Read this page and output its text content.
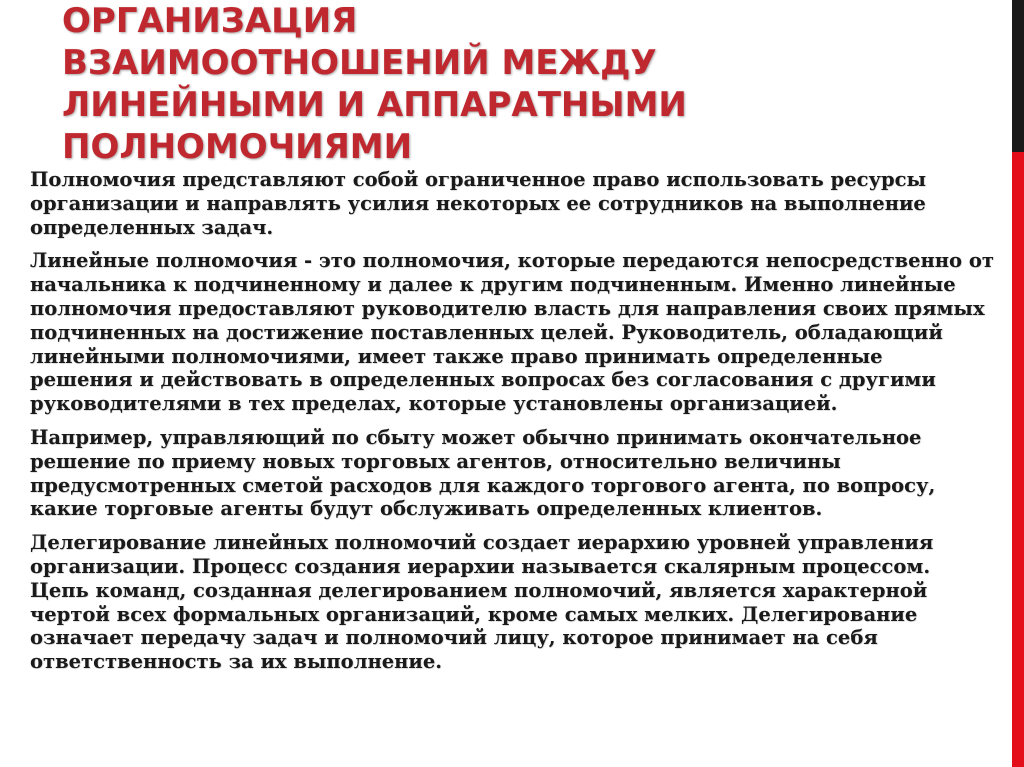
ОРГАНИЗАЦИЯ
ВЗАИМООТНОШЕНИЙ МЕЖДУ
ЛИНЕЙНЫМИ И АППАРАТНЫМИ
ПОЛНОМОЧИЯМИ

Полномочия представляют собой ограниченное право использовать ресурсы
организации и направлять усилия некоторых ее сотрудников на выполнение
определенных задач.

Линейные полномочия - это полномочия, которые передаются непосредственно от
начальника к подчиненному и далее к другим подчиненным. Именно линейные
полномочия предоставляют руководителю власть для направления своих прямых
подчиненных на достижение поставленных целей. Руководитель, обладающий
линейными полномочиями, имеет также право принимать определенные
решения и действовать в определенных вопросах без согласования с другими
руководителями в тех пределах, которые установлены организацией.

Например, управляющий по сбыту может обычно принимать окончательное
решение по приему новых торговых агентов, относительно величины
предусмотренных сметой расходов для каждого торгового агента, по вопросу,
какие торговые агенты будут обслуживать определенных клиентов.

Делегирование линейных полномочий создает иерархию уровней управления
организации. Процесс создания иерархии называется скалярным процессом.
Цепь команд, созданная делегированием полномочий, является характерной
чертой всех формальных организаций, кроме самых мелких. Делегирование
означает передачу задач и полномочий лицу, которое принимает на себя
ответственность за их выполнение.
